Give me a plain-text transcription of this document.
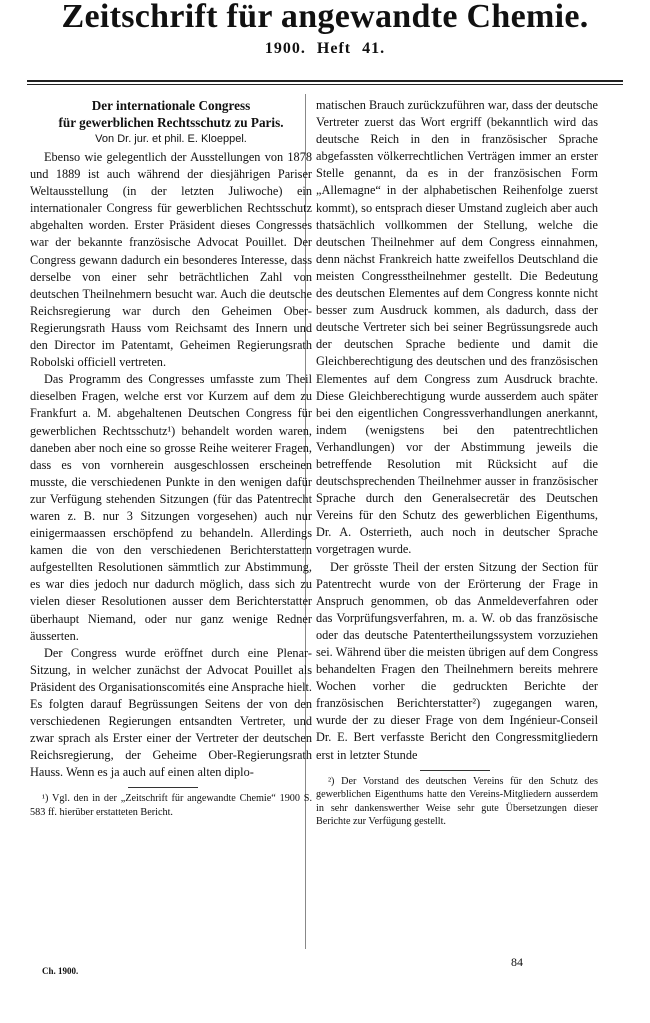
Zeitschrift für angewandte Chemie.
1900. Heft 41.
Der internationale Congress
für gewerblichen Rechtsschutz zu Paris.
Von Dr. jur. et phil. E. Kloeppel.

Ebenso wie gelegentlich der Ausstellungen von 1878 und 1889 ist auch während der diesjährigen Pariser Weltausstellung (in der letzten Juliwoche) ein internationaler Congress für gewerblichen Rechtsschutz abgehalten worden. Erster Präsident dieses Congresses war der bekannte französische Advocat Pouillet. Der Congress gewann dadurch ein besonderes Interesse, dass derselbe von einer sehr beträchtlichen Zahl von deutschen Theilnehmern besucht war. Auch die deutsche Reichsregierung war durch den Geheimen Ober-Regierungsrath Hauss vom Reichsamt des Innern und den Director im Patentamt, Geheimen Regierungsrath Robolski officiell vertreten.

Das Programm des Congresses umfasste zum Theil dieselben Fragen, welche erst vor Kurzem auf dem zu Frankfurt a. M. abgehaltenen Deutschen Congress für gewerblichen Rechtsschutz¹) behandelt worden waren, daneben aber noch eine so grosse Reihe weiterer Fragen, dass es von vornherein ausgeschlossen erscheinen musste, die verschiedenen Punkte in den wenigen dafür zur Verfügung stehenden Sitzungen (für das Patentrecht waren z. B. nur 3 Sitzungen vorgesehen) auch nur einigermaassen erschöpfend zu behandeln. Allerdings kamen die von den verschiedenen Berichterstattern aufgestellten Resolutionen sämmtlich zur Abstimmung, es war dies jedoch nur dadurch möglich, dass sich zu vielen dieser Resolutionen ausser dem Berichterstatter überhaupt Niemand, oder nur ganz wenige Redner äusserten.

Der Congress wurde eröffnet durch eine Plenar-Sitzung, in welcher zunächst der Advocat Pouillet als Präsident des Organisationscomités eine Ansprache hielt. Es folgten darauf Begrüssungen Seitens der von den verschiedenen Regierungen entsandten Vertreter, und zwar sprach als Erster einer der Vertreter der deutschen Reichsregierung, der Geheime Ober-Regierungsrath Hauss. Wenn es ja auch auf einen alten diplo-

¹) Vgl. den in der „Zeitschrift für angewandte Chemie“ 1900 S. 583 ff. hierüber erstatteten Bericht.

matischen Brauch zurückzuführen war, dass der deutsche Vertreter zuerst das Wort ergriff (bekanntlich wird das deutsche Reich in den in französischer Sprache abgefassten völkerrechtlichen Verträgen immer an erster Stelle genannt, da es in der französischen Form „Allemagne“ in der alphabetischen Reihenfolge zuerst kommt), so entsprach dieser Umstand zugleich aber auch thatsächlich vollkommen der Stellung, welche die deutschen Theilnehmer auf dem Congress einnahmen, denn nächst Frankreich hatte zweifellos Deutschland die meisten Congresstheilnehmer gestellt. Die Bedeutung des deutschen Elementes auf dem Congress konnte nicht besser zum Ausdruck kommen, als dadurch, dass der deutsche Vertreter sich bei seiner Begrüssungsrede auch der deutschen Sprache bediente und damit die Gleichberechtigung des deutschen und des französischen Elementes auf dem Congress zum Ausdruck brachte. Diese Gleichberechtigung wurde ausserdem auch später bei den eigentlichen Congressverhandlungen anerkannt, indem (wenigstens bei den patentrechtlichen Verhandlungen) vor der Abstimmung jeweils die betreffende Resolution mit Rücksicht auf die deutschsprechenden Theilnehmer ausser in französischer Sprache durch den Generalsecretär des Deutschen Vereins für den Schutz des gewerblichen Eigenthums, Dr. A. Osterrieth, auch noch in deutscher Sprache vorgetragen wurde.

Der grösste Theil der ersten Sitzung der Section für Patentrecht wurde von der Erörterung der Frage in Anspruch genommen, ob das Anmeldeverfahren oder das Vorprüfungsverfahren, m. a. W. ob das französische oder das deutsche Patentertheilungssystem vorzuziehen sei. Während über die meisten übrigen auf dem Congress behandelten Fragen den Theilnehmern bereits mehrere Wochen vorher die gedruckten Berichte der französischen Berichterstatter²) zugegangen waren, wurde der zu dieser Frage von dem Ingénieur-Conseil Dr. E. Bert verfasste Bericht den Congressmitgliedern erst in letzter Stunde

²) Der Vorstand des deutschen Vereins für den Schutz des gewerblichen Eigenthums hatte den Vereins-Mitgliedern ausserdem in sehr dankenswerther Weise sehr gute Übersetzungen dieser Berichte zur Verfügung gestellt.

Ch. 1900.
84
